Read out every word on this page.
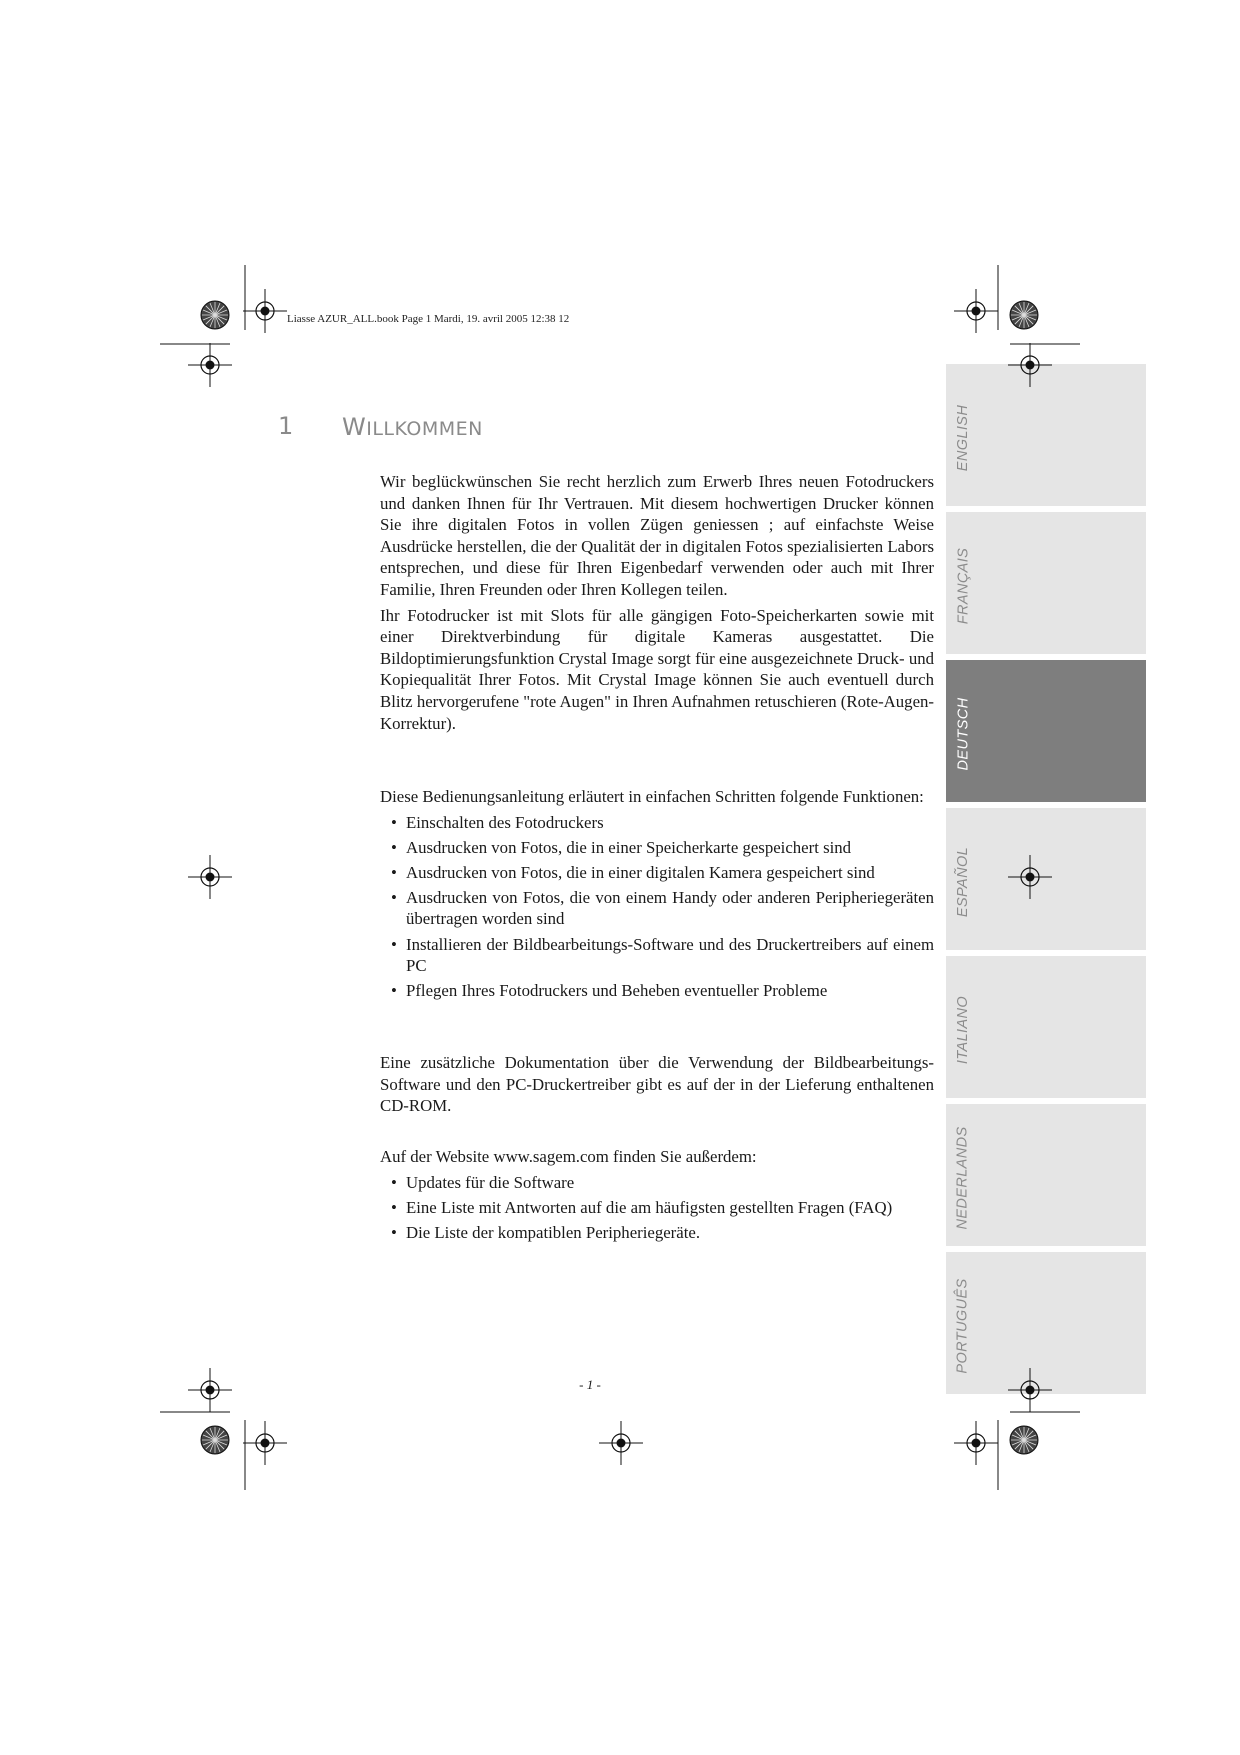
Liasse AZUR_ALL.book Page 1 Mardi, 19. avril 2005 12:38 12
1 WILLKOMMEN

Wir beglückwünschen Sie recht herzlich zum Erwerb Ihres neuen Fotodruckers und danken Ihnen für Ihr Vertrauen. Mit diesem hochwertigen Drucker können Sie ihre digitalen Fotos in vollen Zügen geniessen ; auf einfachste Weise Ausdrücke herstellen, die der Qualität der in digitalen Fotos spezialisierten Labors entsprechen, und diese für Ihren Eigenbedarf verwenden oder auch mit Ihrer Familie, Ihren Freunden oder Ihren Kollegen teilen.

Ihr Fotodrucker ist mit Slots für alle gängigen Foto-Speicherkarten sowie mit einer Direktverbindung für digitale Kameras ausgestattet. Die Bildoptimierungsfunktion Crystal Image sorgt für eine ausgezeichnete Druck- und Kopiequalität Ihrer Fotos. Mit Crystal Image können Sie auch eventuell durch Blitz hervorgerufene "rote Augen" in Ihren Aufnahmen retuschieren (Rote-Augen-Korrektur).

Diese Bedienungsanleitung erläutert in einfachen Schritten folgende Funktionen:

• Einschalten des Fotodruckers
• Ausdrucken von Fotos, die in einer Speicherkarte gespeichert sind
• Ausdrucken von Fotos, die in einer digitalen Kamera gespeichert sind
• Ausdrucken von Fotos, die von einem Handy oder anderen Peripheriegeräten übertragen worden sind
• Installieren der Bildbearbeitungs-Software und des Druckertreibers auf einem PC
• Pflegen Ihres Fotodruckers und Beheben eventueller Probleme
Eine zusätzliche Dokumentation über die Verwendung der Bildbearbeitungs-Software und den PC-Druckertreiber gibt es auf der in der Lieferung enthaltenen CD-ROM.

Auf der Website www.sagem.com finden Sie außerdem:

• Updates für die Software
• Eine Liste mit Antworten auf die am häufigsten gestellten Fragen (FAQ)
• Die Liste der kompatiblen Peripheriegeräte.
- 1 -
ENGLISH
FRANÇAIS
DEUTSCH
ESPAÑOL
ITALIANO
NEDERLANDS
PORTUGUÊS
